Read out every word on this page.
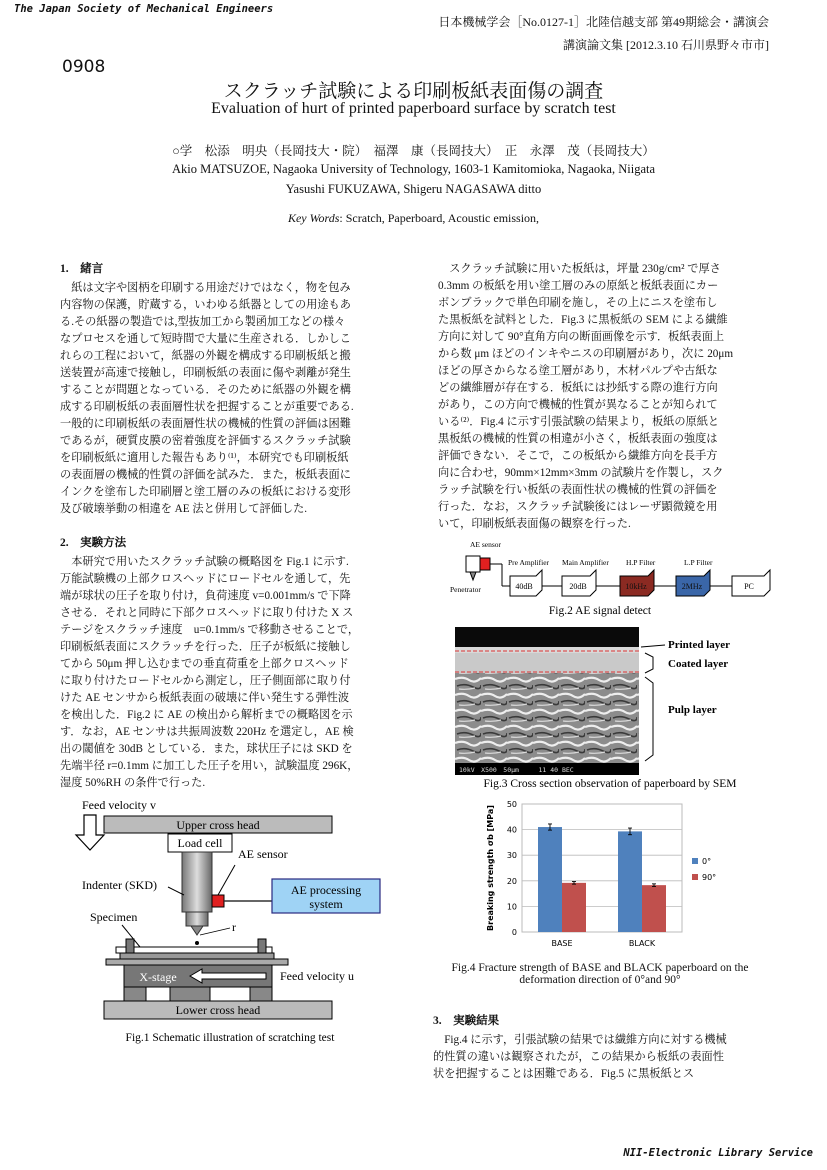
The Japan Society of Mechanical Engineers
日本機械学会［No.0127-1］北陸信越支部 第49期総会・講演会
講演論文集 [2012.3.10 石川県野々市市]
0908
スクラッチ試験による印刷板紙表面傷の調査
Evaluation of hurt of printed paperboard surface by scratch test
○学　松添　明央（長岡技大・院）　福澤　康（長岡技大）　正　永澤　茂（長岡技大）
Akio MATSUZOE, Nagaoka University of Technology, 1603-1 Kamitomioka, Nagaoka, Niigata
Yasushi FUKUZAWA, Shigeru NAGASAWA ditto
Key Words: Scratch, Paperboard, Acoustic emission,
1.　緒言
紙は文字や図柄を印刷する用途だけではなく，物を包み
内容物の保護，貯蔵する，いわゆる紙器としての用途もあ
る.その紙器の製造では,型抜加工から製函加工などの様々
なプロセスを通して短時間で大量に生産される．しかしこ
れらの工程において，紙器の外観を構成する印刷板紙と搬
送装置が高速で接触し，印刷板紙の表面に傷や剥離が発生
することが問題となっている．そのために紙器の外観を構
成する印刷板紙の表面層性状を把握することが重要である.
一般的に印刷板紙の表面層性状の機械的性質の評価は困難
であるが，硬質皮膜の密着強度を評価するスクラッチ試験
を印刷板紙に適用した報告もあり⁽¹⁾，本研究でも印刷板紙
の表面層の機械的性質の評価を試みた．また，板紙表面に
インクを塗布した印刷層と塗工層のみの板紙における変形
及び破壊挙動の相違を AE 法と併用して評価した.
2.　実験方法
本研究で用いたスクラッチ試験の概略図を Fig.1 に示す.
万能試験機の上部クロスヘッドにロードセルを通して，先
端が球状の圧子を取り付け，負荷速度 v=0.001mm/s で下降
させる．それと同時に下部クロスヘッドに取り付けた X ス
テージをスクラッチ速度　u=0.1mm/s で移動させることで，
印刷板紙表面にスクラッチを行った．圧子が板紙に接触し
てから 50μm 押し込むまでの垂直荷重を上部クロスヘッド
に取り付けたロードセルから測定し，圧子側面部に取り付
けた AE センサから板紙表面の破壊に伴い発生する弾性波
を検出した．Fig.2 に AE の検出から解析までの概略図を示
す．なお，AE センサは共振周波数 220Hz を選定し，AE 検
出の閾値を 30dB としている．また，球状圧子には SKD を
先端半径 r=0.1mm に加工した圧子を用い，試験温度 296K，
湿度 50%RH の条件で行った.
Feed velocity v
Upper cross head
Load cell
AE sensor
AE processing
system
Indenter (SKD)
Specimen
r
X-stage	Feed velocity u
Lower cross head
Fig.1 Schematic illustration of scratching test
スクラッチ試験に用いた板紙は，坪量 230g/cm² で厚さ
0.3mm の板紙を用い塗工層のみの原紙と板紙表面にカー
ボンブラックで単色印刷を施し，その上にニスを塗布し
た黒板紙を試料とした．Fig.3 に黒板紙の SEM による繊維
方向に対して 90°直角方向の断面画像を示す．板紙表面上
から数 μm ほどのインキやニスの印刷層があり，次に 20μm
ほどの厚さからなる塗工層があり，木材パルプや古紙な
どの繊維層が存在する．板紙には抄紙する際の進行方向
があり，この方向で機械的性質が異なることが知られて
いる⁽²⁾．Fig.4 に示す引張試験の結果より，板紙の原紙と
黒板紙の機械的性質の相違が小さく，板紙表面の強度は
評価できない．そこで，この板紙から繊維方向を長手方
向に合わせ，90mm×12mm×3mm の試験片を作製し，スク
ラッチ試験を行い板紙の表面性状の機械的性質の評価を
行った．なお，スクラッチ試験後にはレーザ顕微鏡を用
いて，印刷板紙表面傷の観察を行った.
AE sensor
Penetrator
Pre Amplifier
40dB
Main Amplifier
20dB
H.P Filter
10kHz
L.P Filter
2MHz	PC
Fig.2 AE signal detect
10kV　X500　50μm　　　11 40 BEC
Printed layer
Coated layer
Pulp layer
Fig.3 Cross section observation of paperboard by SEM
Breaking strength σb [MPa]
0
10
20
30
40
50
BASE	BLACK
0°
90°
Fig.4 Fracture strength of BASE and BLACK paperboard on the
deformation direction of 0°and 90°
3.　実験結果
Fig.4 に示す，引張試験の結果では繊維方向に対する機械
的性質の違いは観察されたが，この結果から板紙の表面性
状を把握することは困難である．Fig.5 に黒板紙とス
NII-Electronic Library Service
